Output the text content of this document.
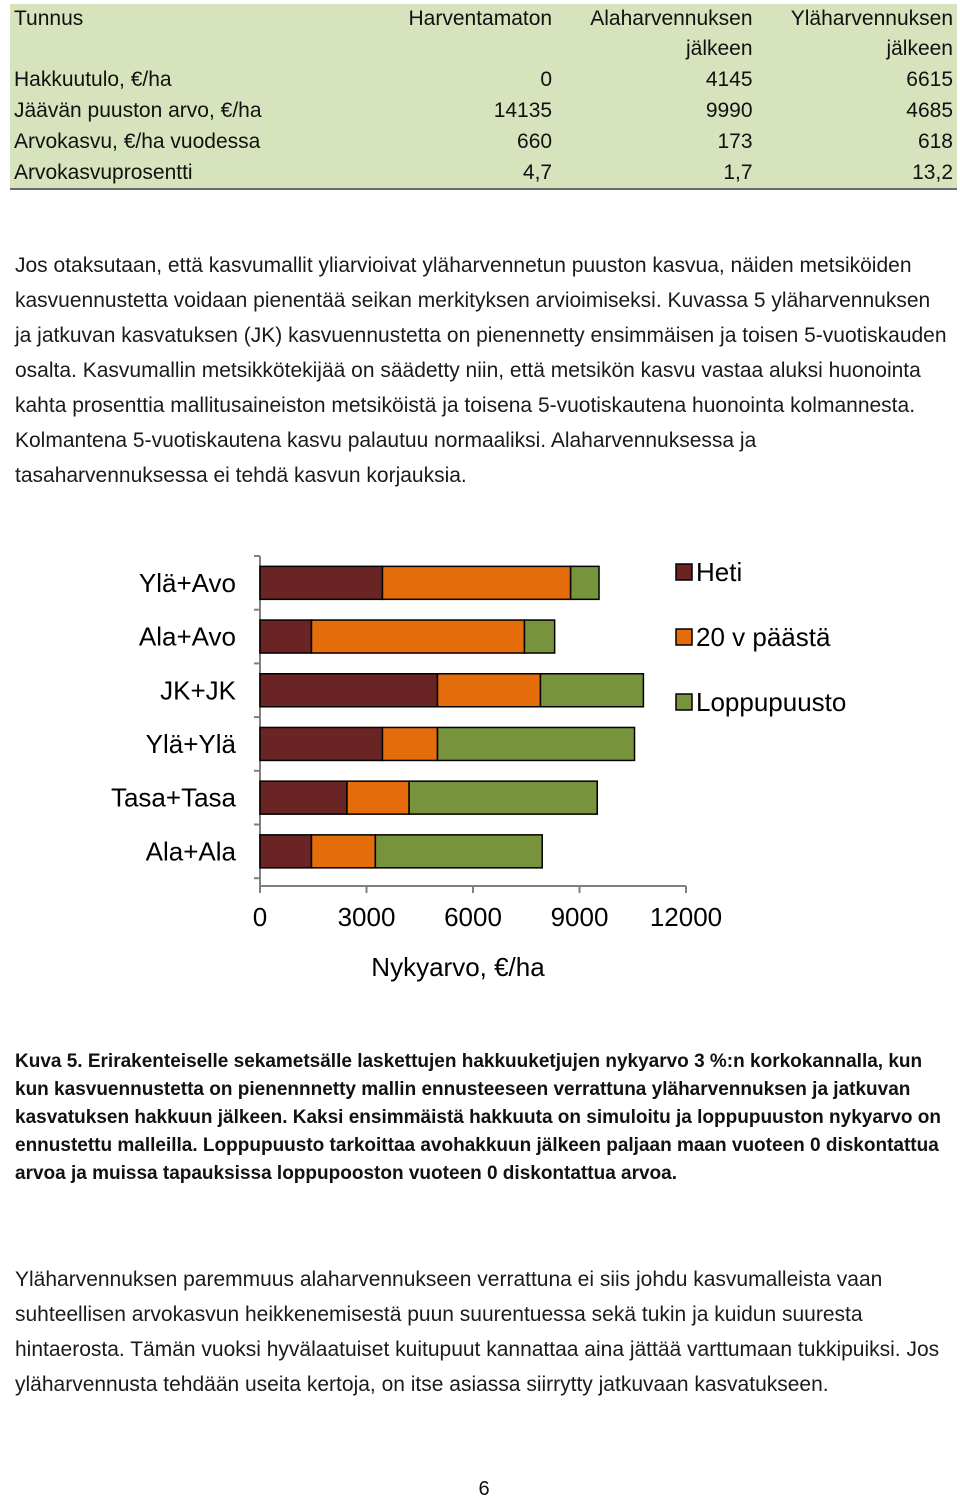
Tunnus	Harventamaton	Alaharvennuksen	Yläharvennuksen
		jälkeen	jälkeen
Hakkuutulo, €/ha	0	4145	6615
Jäävän puuston arvo, €/ha	14135	9990	4685
Arvokasvu, €/ha vuodessa	660	173	618
Arvokasvuprosentti	4,7	1,7	13,2

Jos otaksutaan, että kasvumallit yliarvioivat yläharvennetun puuston kasvua, näiden metsiköiden kasvuennustetta voidaan pienentää seikan merkityksen arvioimiseksi. Kuvassa 5 yläharvennuksen ja jatkuvan kasvatuksen (JK) kasvuennustetta on pienennetty ensimmäisen ja toisen 5-vuotiskauden osalta. Kasvumallin metsikkötekijää on säädetty niin, että metsikön kasvu vastaa aluksi huonointa kahta prosenttia mallitusaineiston metsiköistä ja toisena 5-vuotiskautena huonointa kolmannesta. Kolmantena 5-vuotiskautena kasvu palautuu normaaliksi. Alaharvennuksessa ja tasaharvennuksessa ei tehdä kasvun korjauksia.

0	3000 6000 9000 12000
Nykyarvo, €/ha
Ylä+Avo
Ala+Avo
JK+JK
Ylä+Ylä
Tasa+Tasa
Ala+Ala
Heti
20 v päästä
Loppupuusto

Kuva 5. Erirakenteiselle sekametsälle laskettujen hakkuuketjujen nykyarvo 3 %:n korkokannalla, kun kun kasvuennustetta on pienennnetty mallin ennusteeseen verrattuna yläharvennuksen ja jatkuvan kasvatuksen hakkuun jälkeen. Kaksi ensimmäistä hakkuuta on simuloitu ja loppupuuston nykyarvo on ennustettu malleilla. Loppupuusto tarkoittaa avohakkuun jälkeen paljaan maan vuoteen 0 diskontattua arvoa ja muissa tapauksissa loppupooston vuoteen 0 diskontattua arvoa.

Yläharvennuksen paremmuus alaharvennukseen verrattuna ei siis johdu kasvumalleista vaan suhteellisen arvokasvun heikkenemisestä puun suurentuessa sekä tukin ja kuidun suuresta hintaerosta. Tämän vuoksi hyvälaatuiset kuitupuut kannattaa aina jättää varttumaan tukkipuiksi. Jos yläharvennusta tehdään useita kertoja, on itse asiassa siirrytty jatkuvaan kasvatukseen.

6
